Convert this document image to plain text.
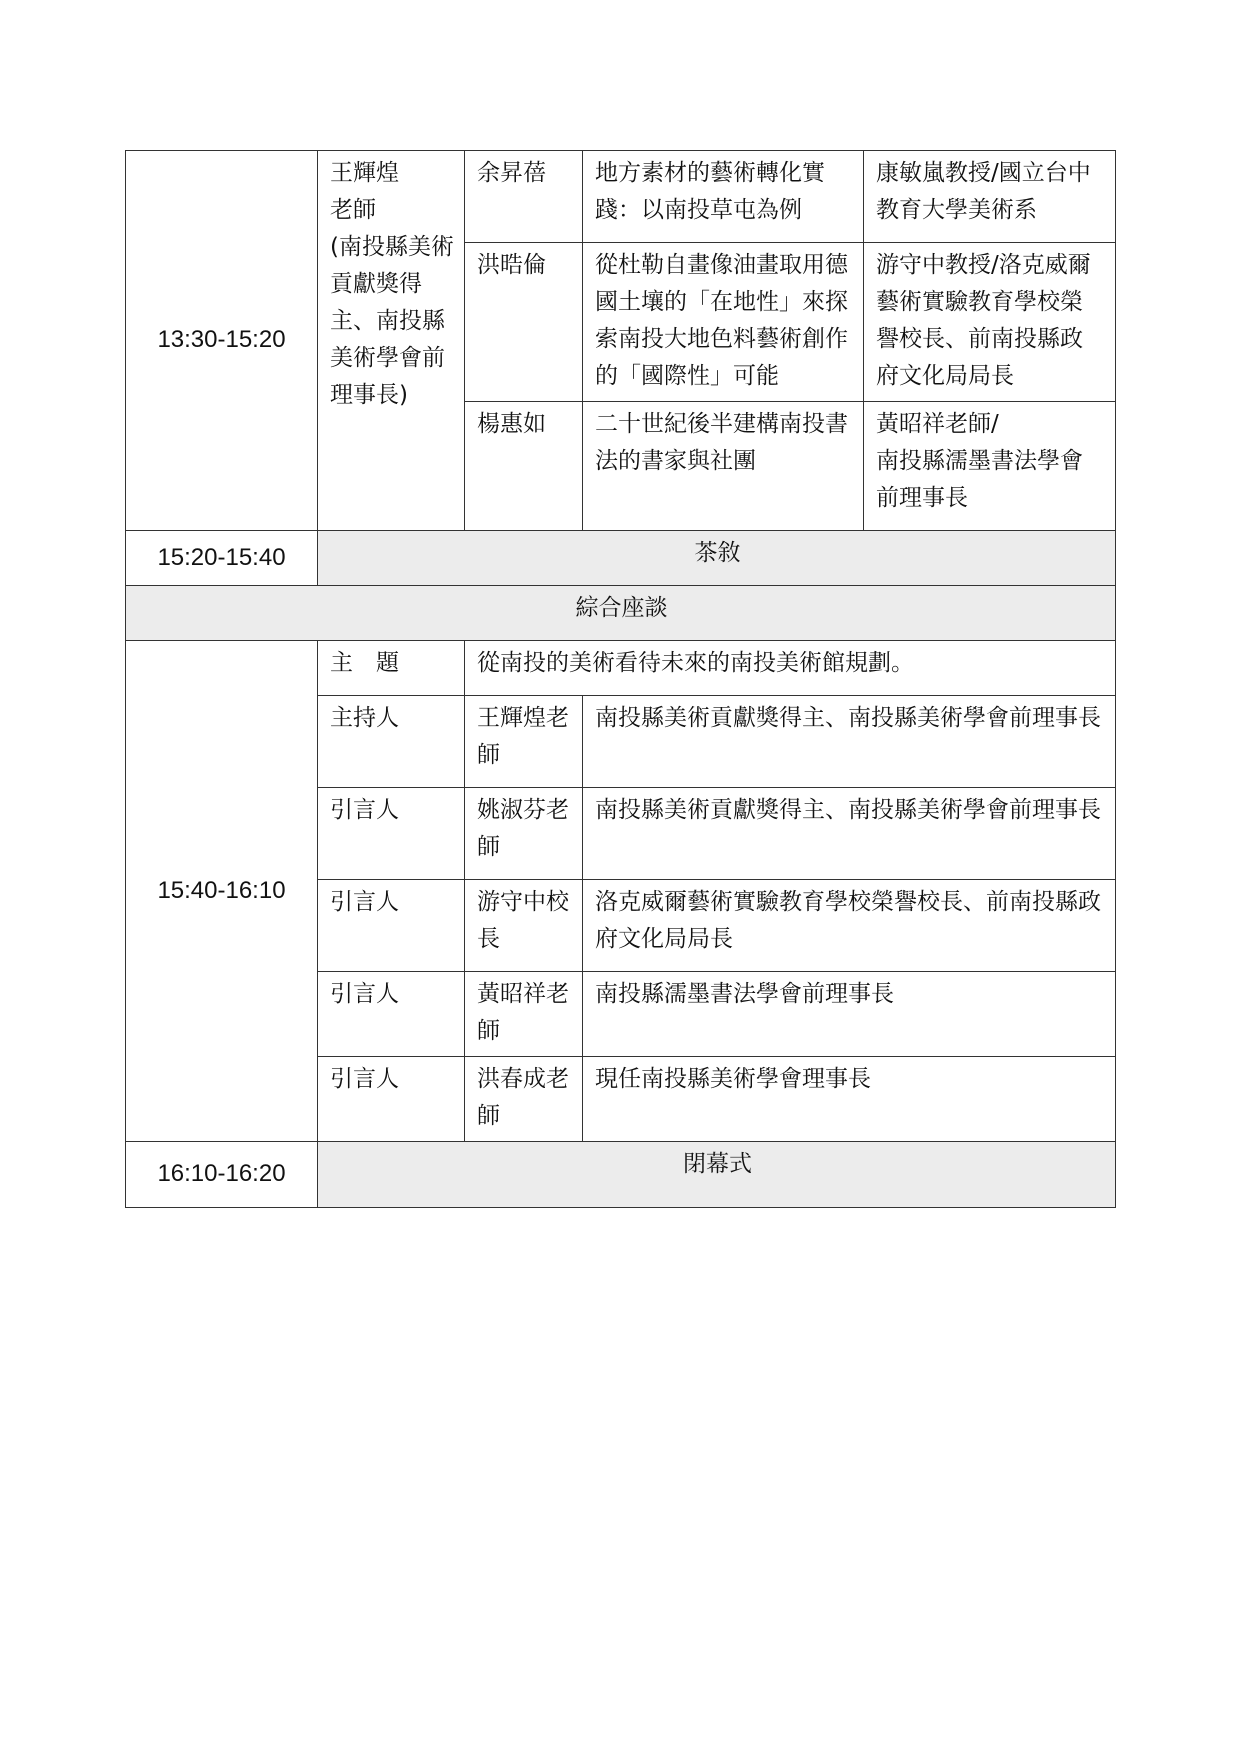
13:30-15:20	王輝煌
老師
(南投縣美術貢獻獎得主、南投縣美術學會前理事長)	余昇蓓	地方素材的藝術轉化實踐：以南投草屯為例	康敏嵐教授/國立台中教育大學美術系
		洪晧倫	從杜勒自畫像油畫取用德國土壤的「在地性」來探索南投大地色料藝術創作的「國際性」可能	游守中教授/洛克威爾藝術實驗教育學校榮譽校長、前南投縣政府文化局局長
		楊惠如	二十世紀後半建構南投書法的書家與社團	黃昭祥老師/
南投縣濡墨書法學會前理事長
15:20-15:40	茶敘			
綜合座談				
15:40-16:10	主　題	從南投的美術看待未來的南投美術館規劃。		
	主持人	王輝煌老師	南投縣美術貢獻獎得主、南投縣美術學會前理事長	
	引言人	姚淑芬老師	南投縣美術貢獻獎得主、南投縣美術學會前理事長	
	引言人	游守中校長	洛克威爾藝術實驗教育學校榮譽校長、前南投縣政府文化局局長	
	引言人	黃昭祥老師	南投縣濡墨書法學會前理事長	
	引言人	洪春成老師	現任南投縣美術學會理事長	
16:10-16:20	閉幕式			
